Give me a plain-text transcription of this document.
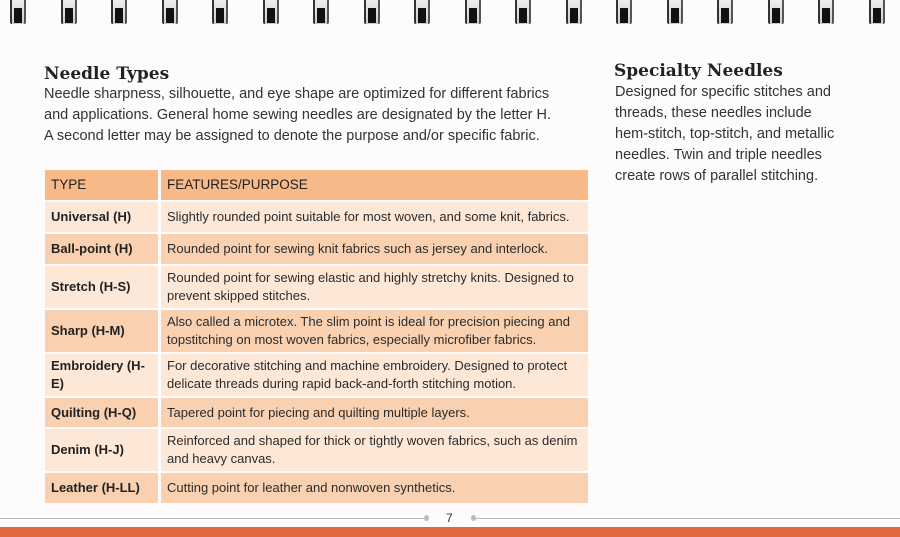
Needle Types
Needle sharpness, silhouette, and eye shape are optimized for different fabrics
and applications. General home sewing needles are designated by the letter H.
A second letter may be assigned to denote the purpose and/or specific fabric.
TYPE		FEATURES/PURPOSE
Universal (H)		Slightly rounded point suitable for most woven, and some knit, fabrics.

Ball-point (H)		Rounded point for sewing knit fabrics such as jersey and interlock.

Stretch (H-S)		Rounded point for sewing elastic and highly stretchy knits. Designed to
prevent skipped stitches.

Sharp (H-M)		Also called a microtex. The slim point is ideal for precision piecing and
topstitching on most woven fabrics, especially microfiber fabrics.

Embroidery (H-E)		For decorative stitching and machine embroidery. Designed to protect
delicate threads during rapid back-and-forth stitching motion.

Quilting (H-Q)		Tapered point for piecing and quilting multiple layers.

Denim (H-J)		Reinforced and shaped for thick or tightly woven fabrics, such as denim
and heavy canvas.

Leather (H-LL)		Cutting point for leather and nonwoven synthetics.
Specialty Needles
Designed for specific stitches and
threads, these needles include
hem-stitch, top-stitch, and metallic
needles. Twin and triple needles
create rows of parallel stitching.
7
